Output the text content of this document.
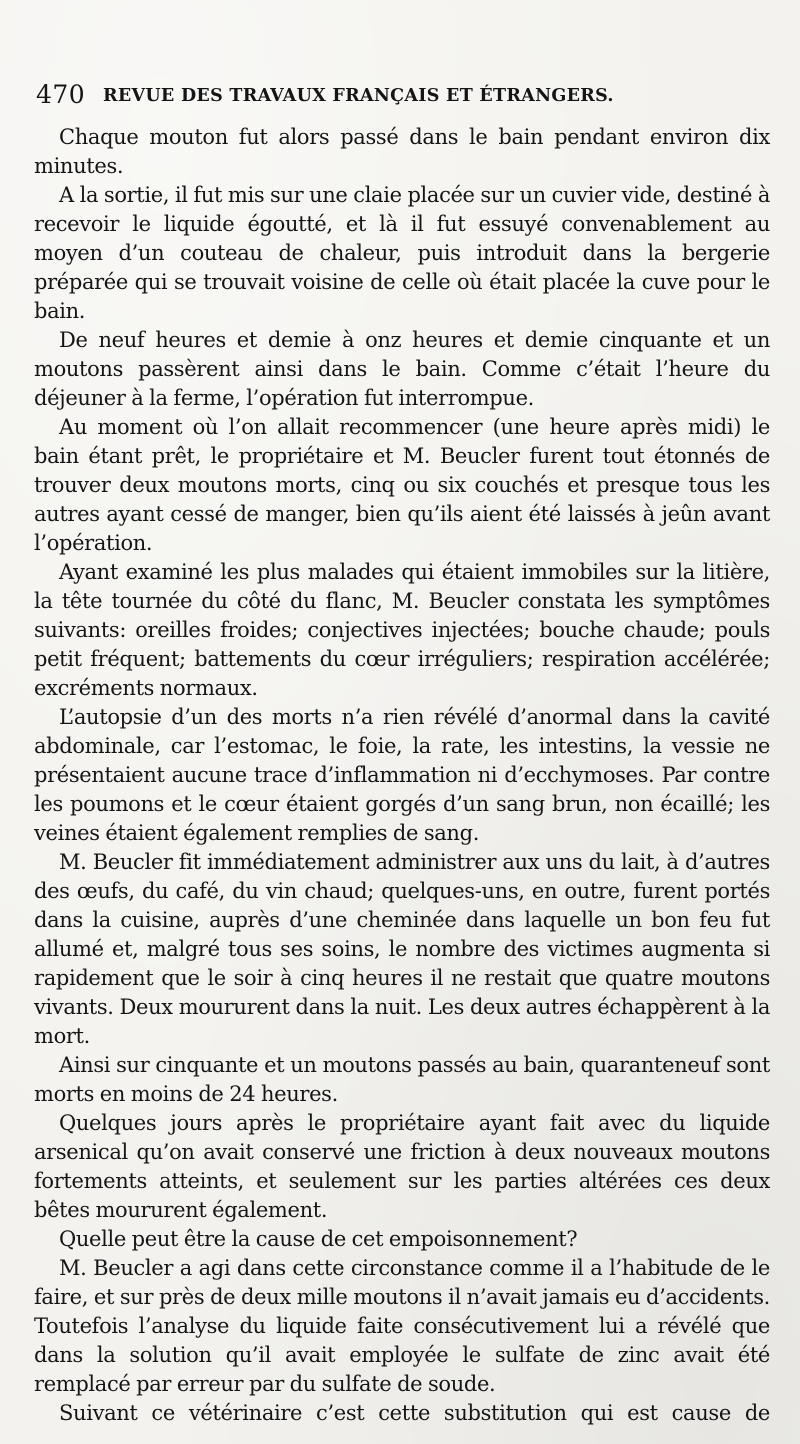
470 REVUE DES TRAVAUX FRANÇAIS ET ÉTRANGERS.

Chaque mouton fut alors passé dans le bain pendant environ dix minutes.

A la sortie, il fut mis sur une claie placée sur un cuvier vide, destiné à recevoir le liquide égoutté, et là il fut essuyé convenablement au moyen d’un couteau de chaleur, puis introduit dans la bergerie préparée qui se trouvait voisine de celle où était placée la cuve pour le bain.

De neuf heures et demie à onz heures et demie cinquante et un moutons passèrent ainsi dans le bain. Comme c’était l’heure du déjeuner à la ferme, l’opération fut interrompue.

Au moment où l’on allait recommencer (une heure après midi) le bain étant prêt, le propriétaire et M. Beucler furent tout étonnés de trouver deux moutons morts, cinq ou six couchés et presque tous les autres ayant cessé de manger, bien qu’ils aient été laissés à jeûn avant l’opération.

Ayant examiné les plus malades qui étaient immobiles sur la litière, la tête tournée du côté du flanc, M. Beucler constata les symptômes suivants: oreilles froides; conjectives injectées; bouche chaude; pouls petit fréquent; battements du cœur irréguliers; respiration accélérée; excréments normaux.

L’autopsie d’un des morts n’a rien révélé d’anormal dans la cavité abdominale, car l’estomac, le foie, la rate, les intestins, la vessie ne présentaient aucune trace d’inflammation ni d’ecchymoses. Par contre les poumons et le cœur étaient gorgés d’un sang brun, non écaillé; les veines étaient également remplies de sang.

M. Beucler fit immédiatement administrer aux uns du lait, à d’autres des œufs, du café, du vin chaud; quelques-uns, en outre, furent portés dans la cuisine, auprès d’une cheminée dans laquelle un bon feu fut allumé et, malgré tous ses soins, le nombre des victimes augmenta si rapidement que le soir à cinq heures il ne restait que quatre moutons vivants. Deux moururent dans la nuit. Les deux autres échappèrent à la mort.

Ainsi sur cinquante et un moutons passés au bain, quaranteneuf sont morts en moins de 24 heures.

Quelques jours après le propriétaire ayant fait avec du liquide arsenical qu’on avait conservé une friction à deux nouveaux moutons fortements atteints, et seulement sur les parties altérées ces deux bêtes moururent également.

Quelle peut être la cause de cet empoisonnement?

M. Beucler a agi dans cette circonstance comme il a l’habitude de le faire, et sur près de deux mille moutons il n’avait jamais eu d’accidents. Toutefois l’analyse du liquide faite consécutivement lui a révélé que dans la solution qu’il avait employée le sulfate de zinc avait été remplacé par erreur par du sulfate de soude.

Suivant ce vétérinaire c’est cette substitution qui est cause de
